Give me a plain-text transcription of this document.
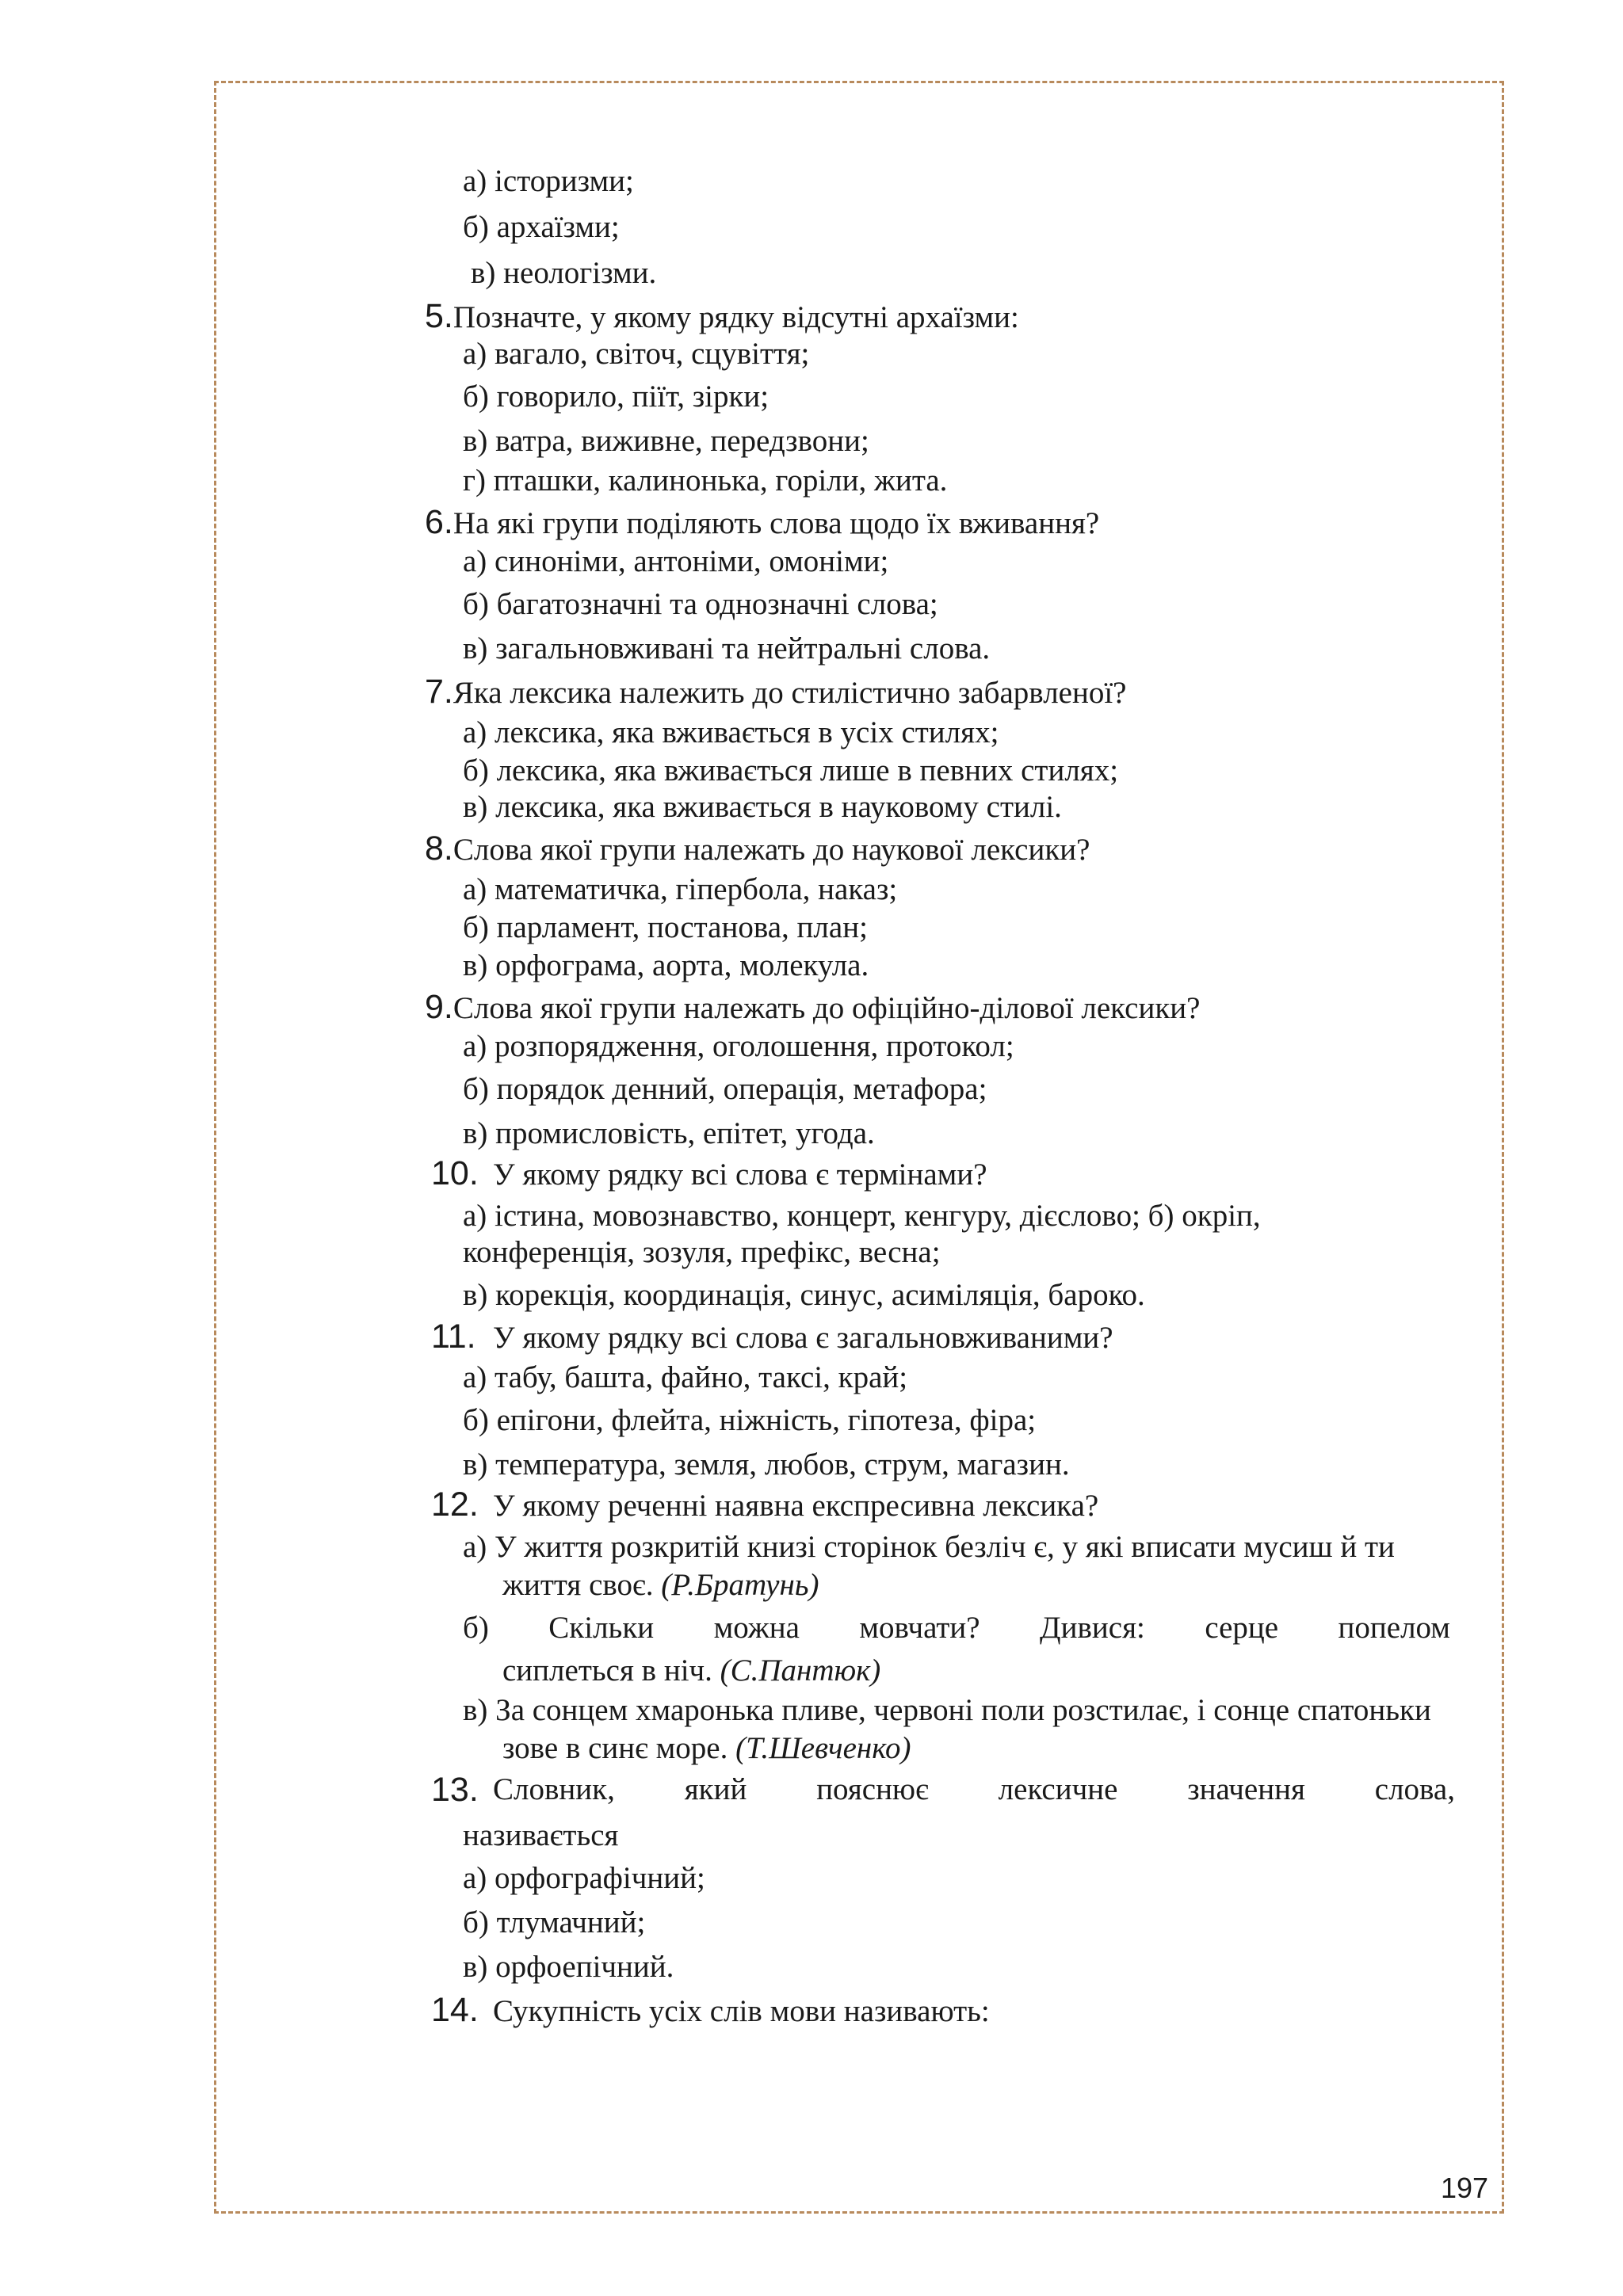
а) історизми;
б) архаїзми;
в) неологізми.
5.Позначте, у якому рядку відсутні архаїзми:
а) вагало, світоч, сцувіття;
б) говорило, піїт, зірки;
в) ватра, виживне, передзвони;
г) пташки, калинонька, горіли, жита.
6.На які групи поділяють слова щодо їх вживання?
а) синоніми, антоніми, омоніми;
б) багатозначні та однозначні слова;
в) загальновживані та нейтральні слова.
7.Яка лексика належить до стилістично забарвленої?
а) лексика, яка вживається в усіх стилях;
б) лексика, яка вживається лише в певних стилях;
в) лексика, яка вживається в науковому стилі.
8.Слова якої групи належать до наукової лексики?
а) математичка, гіпербола, наказ;
б) парламент, постанова, план;
в) орфограма, аорта, молекула.
9.Слова якої групи належать до офіційно-ділової лексики?
а) розпорядження, оголошення, протокол;
б) порядок денний, операція, метафора;
в) промисловість, епітет, угода.
10. У якому рядку всі слова є термінами?
а) істина, мовознавство, концерт, кенгуру, дієслово; б) окріп,
конференція, зозуля, префікс, весна;
в) корекція, координація, синус, асиміляція, бароко.
11. У якому рядку всі слова є загальновживаними?
а) табу, башта, файно, таксі, край;
б) епігони, флейта, ніжність, гіпотеза, фіра;
в) температура, земля, любов, струм, магазин.
12. У якому реченні наявна експресивна лексика?
а) У життя розкритій книзі сторінок безліч є, у які вписати мусиш й ти
життя своє. (Р.Братунь)
б) Скільки можна мовчати? Дивися: серце попелом
сиплеться в ніч. (С.Пантюк)
в) За сонцем хмаронька пливе, червоні поли розстилає, і сонце спатоньки
зове в синє море. (Т.Шевченко)
13. Словник, який пояснює лексичне значення слова,
називається
а) орфографічний;
б) тлумачний;
в) орфоепічний.
14. Сукупність усіх слів мови називають:
197
